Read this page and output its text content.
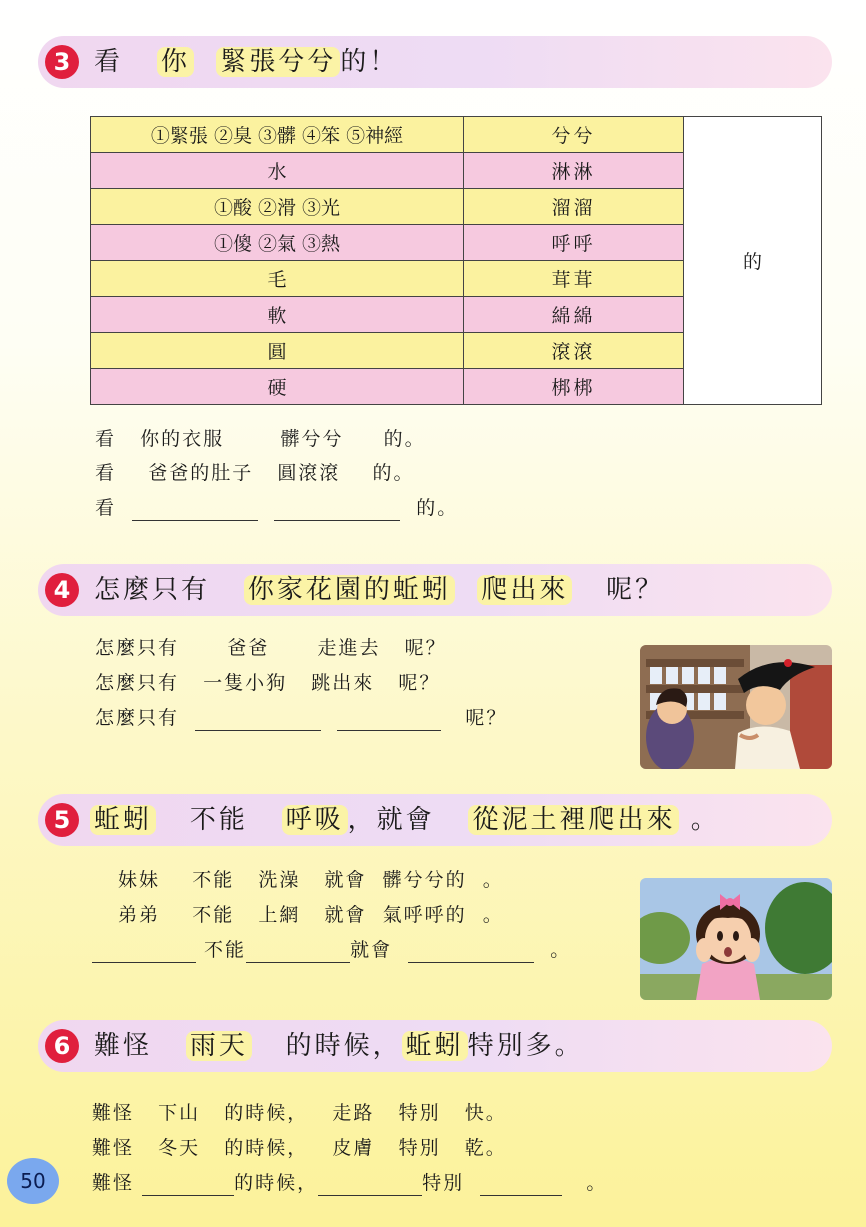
3 看 你 緊張兮兮 的！
①緊張 ②臭 ③髒 ④笨 ⑤神經	兮兮	的
水	淋淋	
①酸 ②滑 ③光	溜溜	
①傻 ②氣 ③熱	呼呼	
毛	茸茸	
軟	綿綿	
圓	滾滾	
硬	梆梆	
看 你的衣服	髒兮兮 的。
看 爸爸的肚子 圓滾滾 的。
看	的。
4 怎麼只有 你家花園的蚯蚓 爬出來 呢？
怎麼只有	爸爸	走進去 呢？
怎麼只有 一隻小狗 跳出來 呢？
怎麼只有	呢？
5 蚯蚓 不能 呼吸 ，就會 從泥土裡爬出來 。
妹妹 不能 洗澡 就會 髒兮兮的 。
弟弟 不能 上網 就會 氣呼呼的 。
不能	就會	。
6 難怪 雨天 的時候， 蚯蚓 特別多。
難怪 下山 的時候， 走路 特別 快。
難怪 冬天 的時候， 皮膚 特別 乾。
難怪	的時候，	特別	。
50
